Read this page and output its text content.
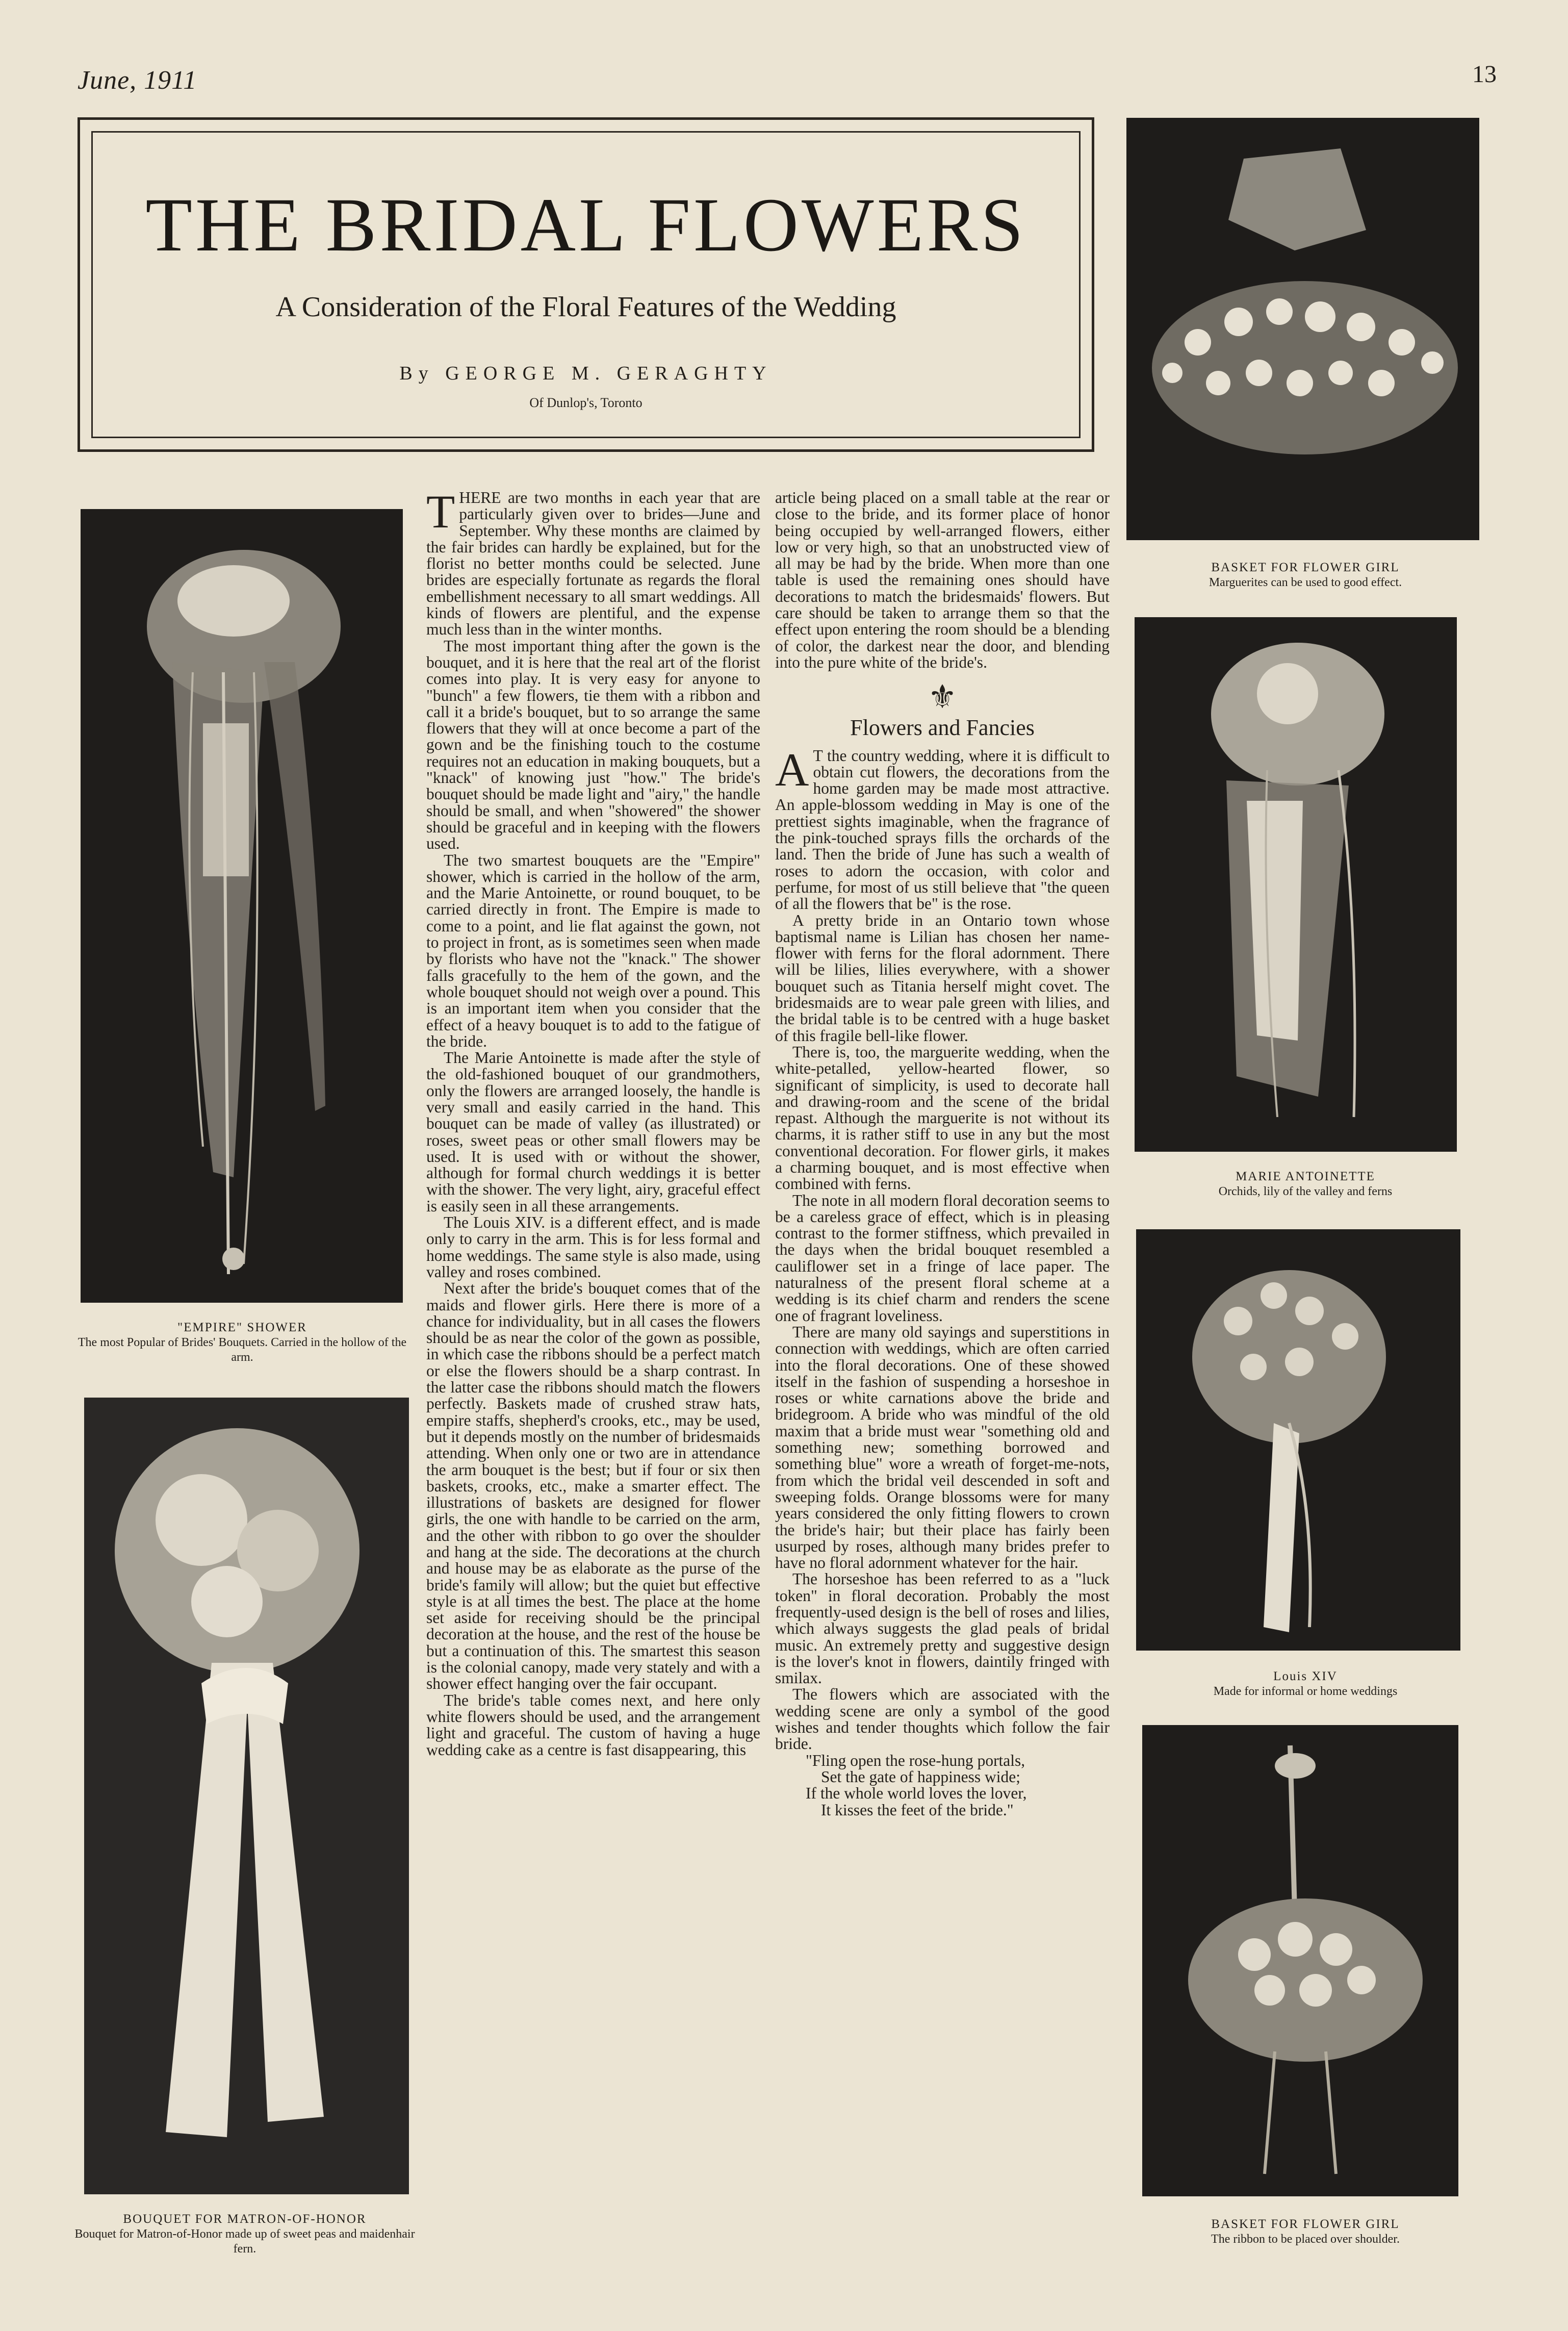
June, 1911	13
THE BRIDAL FLOWERS
A Consideration of the Floral Features of the Wedding
By GEORGE M. GERAGHTY
Of Dunlop's, Toronto
"EMPIRE" SHOWER
The most Popular of Brides' Bouquets. Carried in the hollow of the arm.
BOUQUET FOR MATRON-OF-HONOR
Bouquet for Matron-of-Honor made up of sweet peas and maidenhair fern.
BASKET FOR FLOWER GIRL
Marguerites can be used to good effect.
MARIE ANTOINETTE
Orchids, lily of the valley and ferns
Louis XIV
Made for informal or home weddings
BASKET FOR FLOWER GIRL
The ribbon to be placed over shoulder.

THERE are two months in each year that are particularly given over to brides—June and September. Why these months are claimed by the fair brides can hardly be explained, but for the florist no better months could be selected. June brides are especially fortunate as regards the floral embellishment necessary to all smart weddings. All kinds of flowers are plentiful, and the expense much less than in the winter months.

The most important thing after the gown is the bouquet, and it is here that the real art of the florist comes into play. It is very easy for anyone to "bunch" a few flowers, tie them with a ribbon and call it a bride's bouquet, but to so arrange the same flowers that they will at once become a part of the gown and be the finishing touch to the costume requires not an education in making bouquets, but a "knack" of knowing just "how." The bride's bouquet should be made light and "airy," the handle should be small, and when "showered" the shower should be graceful and in keeping with the flowers used.

The two smartest bouquets are the "Empire" shower, which is carried in the hollow of the arm, and the Marie Antoinette, or round bouquet, to be carried directly in front. The Empire is made to come to a point, and lie flat against the gown, not to project in front, as is sometimes seen when made by florists who have not the "knack." The shower falls gracefully to the hem of the gown, and the whole bouquet should not weigh over a pound. This is an important item when you consider that the effect of a heavy bouquet is to add to the fatigue of the bride.

The Marie Antoinette is made after the style of the old-fashioned bouquet of our grandmothers, only the flowers are arranged loosely, the handle is very small and easily carried in the hand. This bouquet can be made of valley (as illustrated) or roses, sweet peas or other small flowers may be used. It is used with or without the shower, although for formal church weddings it is better with the shower. The very light, airy, graceful effect is easily seen in all these arrangements.

The Louis XIV. is a different effect, and is made only to carry in the arm. This is for less formal and home weddings. The same style is also made, using valley and roses combined.

Next after the bride's bouquet comes that of the maids and flower girls. Here there is more of a chance for individuality, but in all cases the flowers should be as near the color of the gown as possible, in which case the ribbons should be a perfect match or else the flowers should be a sharp contrast. In the latter case the ribbons should match the flowers perfectly. Baskets made of crushed straw hats, empire staffs, shepherd's crooks, etc., may be used, but it depends mostly on the number of bridesmaids attending. When only one or two are in attendance the arm bouquet is the best; but if four or six then baskets, crooks, etc., make a smarter effect. The illustrations of baskets are designed for flower girls, the one with handle to be carried on the arm, and the other with ribbon to go over the shoulder and hang at the side. The decorations at the church and house may be as elaborate as the purse of the bride's family will allow; but the quiet but effective style is at all times the best. The place at the home set aside for receiving should be the principal decoration at the house, and the rest of the house be but a continuation of this. The smartest this season is the colonial canopy, made very stately and with a shower effect hanging over the fair occupant.

The bride's table comes next, and here only white flowers should be used, and the arrangement light and graceful. The custom of having a huge wedding cake as a centre is fast disappearing, this

article being placed on a small table at the rear or close to the bride, and its former place of honor being occupied by well-arranged flowers, either low or very high, so that an unobstructed view of all may be had by the bride. When more than one table is used the remaining ones should have decorations to match the bridesmaids' flowers. But care should be taken to arrange them so that the effect upon entering the room should be a blending of color, the darkest near the door, and blending into the pure white of the bride's.

⚜
Flowers and Fancies

A T the country wedding, where it is difficult to obtain cut flowers, the decorations from the home garden may be made most attractive. An apple-blossom wedding in May is one of the prettiest sights imaginable, when the fragrance of the pink-touched sprays fills the orchards of the land. Then the bride of June has such a wealth of roses to adorn the occasion, with color and perfume, for most of us still believe that "the queen of all the flowers that be" is the rose.

A pretty bride in an Ontario town whose baptismal name is Lilian has chosen her name-flower with ferns for the floral adornment. There will be lilies, lilies everywhere, with a shower bouquet such as Titania herself might covet. The bridesmaids are to wear pale green with lilies, and the bridal table is to be centred with a huge basket of this fragile bell-like flower.

There is, too, the marguerite wedding, when the white-petalled, yellow-hearted flower, so significant of simplicity, is used to decorate hall and drawing-room and the scene of the bridal repast. Although the marguerite is not without its charms, it is rather stiff to use in any but the most conventional decoration. For flower girls, it makes a charming bouquet, and is most effective when combined with ferns.

The note in all modern floral decoration seems to be a careless grace of effect, which is in pleasing contrast to the former stiffness, which prevailed in the days when the bridal bouquet resembled a cauliflower set in a fringe of lace paper. The naturalness of the present floral scheme at a wedding is its chief charm and renders the scene one of fragrant loveliness.

There are many old sayings and superstitions in connection with weddings, which are often carried into the floral decorations. One of these showed itself in the fashion of suspending a horseshoe in roses or white carnations above the bride and bridegroom. A bride who was mindful of the old maxim that a bride must wear "something old and something new; something borrowed and something blue" wore a wreath of forget-me-nots, from which the bridal veil descended in soft and sweeping folds. Orange blossoms were for many years considered the only fitting flowers to crown the bride's hair; but their place has fairly been usurped by roses, although many brides prefer to have no floral adornment whatever for the hair.

The horseshoe has been referred to as a "luck token" in floral decoration. Probably the most frequently-used design is the bell of roses and lilies, which always suggests the glad peals of bridal music. An extremely pretty and suggestive design is the lover's knot in flowers, daintily fringed with smilax.

The flowers which are associated with the wedding scene are only a symbol of the good wishes and tender thoughts which follow the fair bride.

"Fling open the rose-hung portals,

Set the gate of happiness wide;

If the whole world loves the lover,

It kisses the feet of the bride."
